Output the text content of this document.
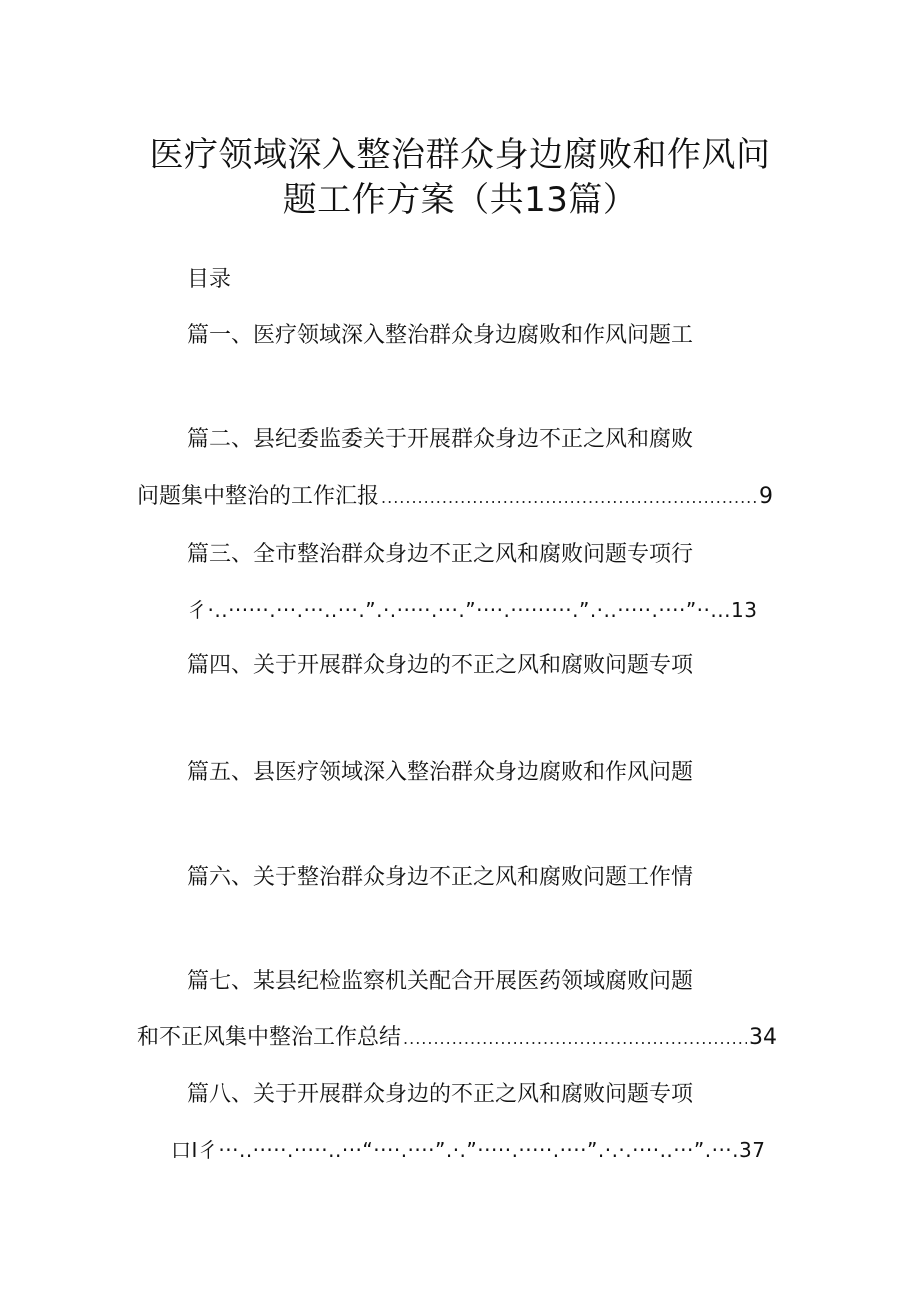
医疗领域深入整治群众身边腐败和作风问
题工作方案（共13篇）
目录
篇一、医疗领域深入整治群众身边腐败和作风问题工
篇二、县纪委监委关于开展群众身边不正之风和腐败
问题集中整治的工作汇报 .....	9
篇三、全市整治群众身边不正之风和腐败问题专项行
彳·..······.···.···..···.”.·.·····.···.”····.·········.”.·..·····.····”··...13
篇四、关于开展群众身边的不正之风和腐败问题专项
篇五、县医疗领域深入整治群众身边腐败和作风问题
篇六、关于整治群众身边不正之风和腐败问题工作情
篇七、某县纪检监察机关配合开展医药领域腐败问题
和不正风集中整治工作总结 .....	34
篇八、关于开展群众身边的不正之风和腐败问题专项
口I彳···..·····.·····..···“····.····”.·.”·····.·····.····”.·.·.····..···”.···.37
